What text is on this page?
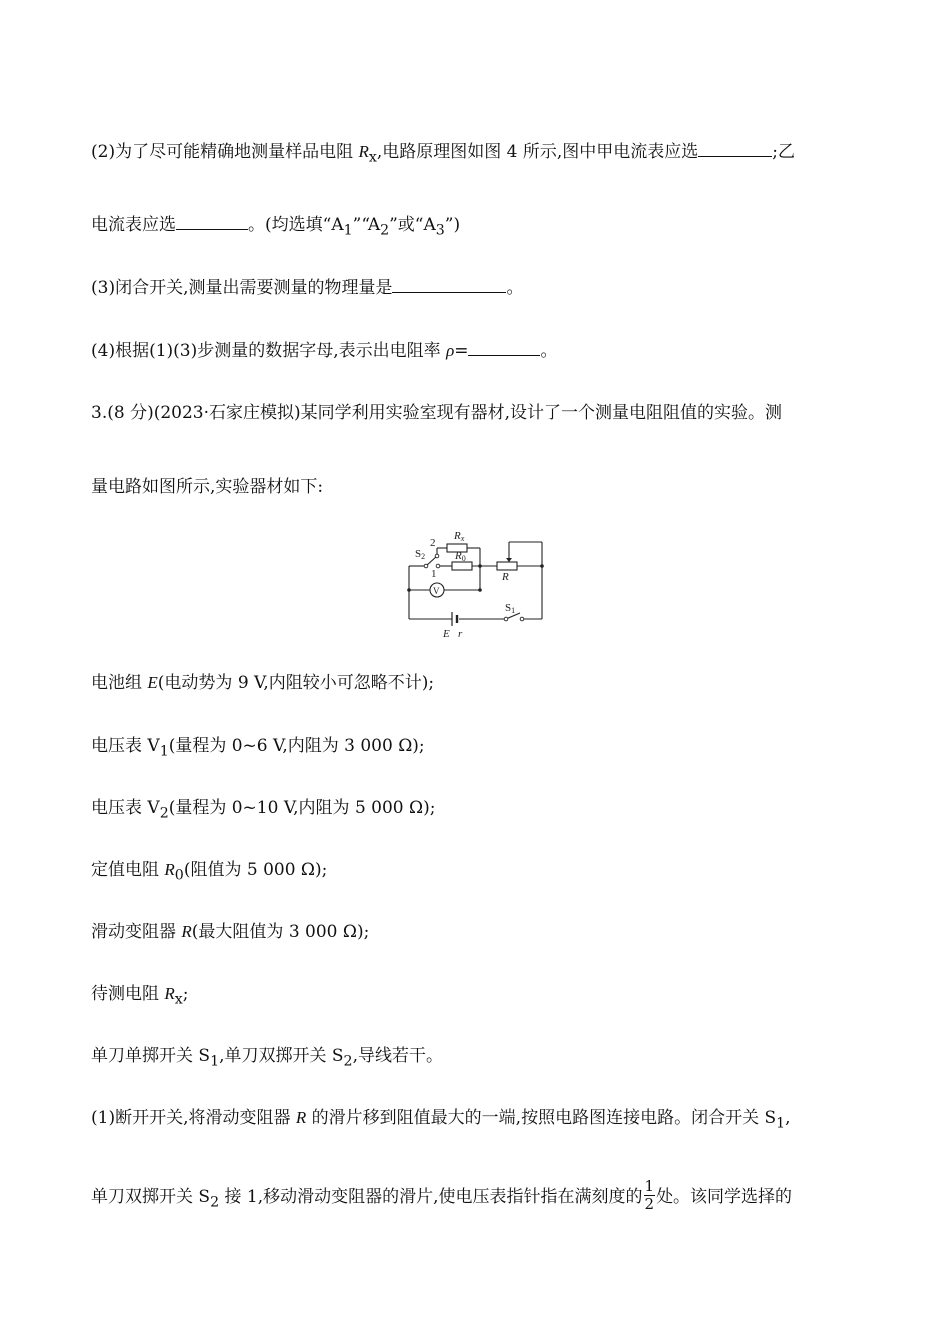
(2)为了尽可能精确地测量样品电阻 $R_x$,电路原理图如图 4 所示,图中甲电流表应选	;乙
电流表应选	。(均选填“$A_1”“A_2$”或“$A_3$”)
(3)闭合开关,测量出需要测量的物理量是	。
(4)根据(1)(3)步测量的数据字母,表示出电阻率 ρ=	。
3.(8 分)(2023·石家庄模拟)某同学利用实验室现有器材,设计了一个测量电阻阻值的实验。测
量电路如图所示,实验器材如下:
Rx
R0
R
S2
2
1
V
S1
E r
电池组 E(电动势为 9 V,内阻较小可忽略不计);
电压表 $V_1$(量程为 0~6 V,内阻为 3 000 Ω);
电压表 $V_2$(量程为 0~10 V,内阻为 5 000 Ω);
定值电阻 $R_0$(阻值为 5 000 Ω);
滑动变阻器 R(最大阻值为 3 000 Ω);
待测电阻 $R_x$;
单刀单掷开关 $S_1$,单刀双掷开关 $S_2$,导线若干。
(1)断开开关,将滑动变阻器 R 的滑片移到阻值最大的一端,按照电路图连接电路。闭合开关 $S_1$,
单刀双掷开关 $S_2$ 接 1,移动滑动变阻器的滑片,使电压表指针指在满刻度的 $\frac{1}{2}$ 处。该同学选择的
